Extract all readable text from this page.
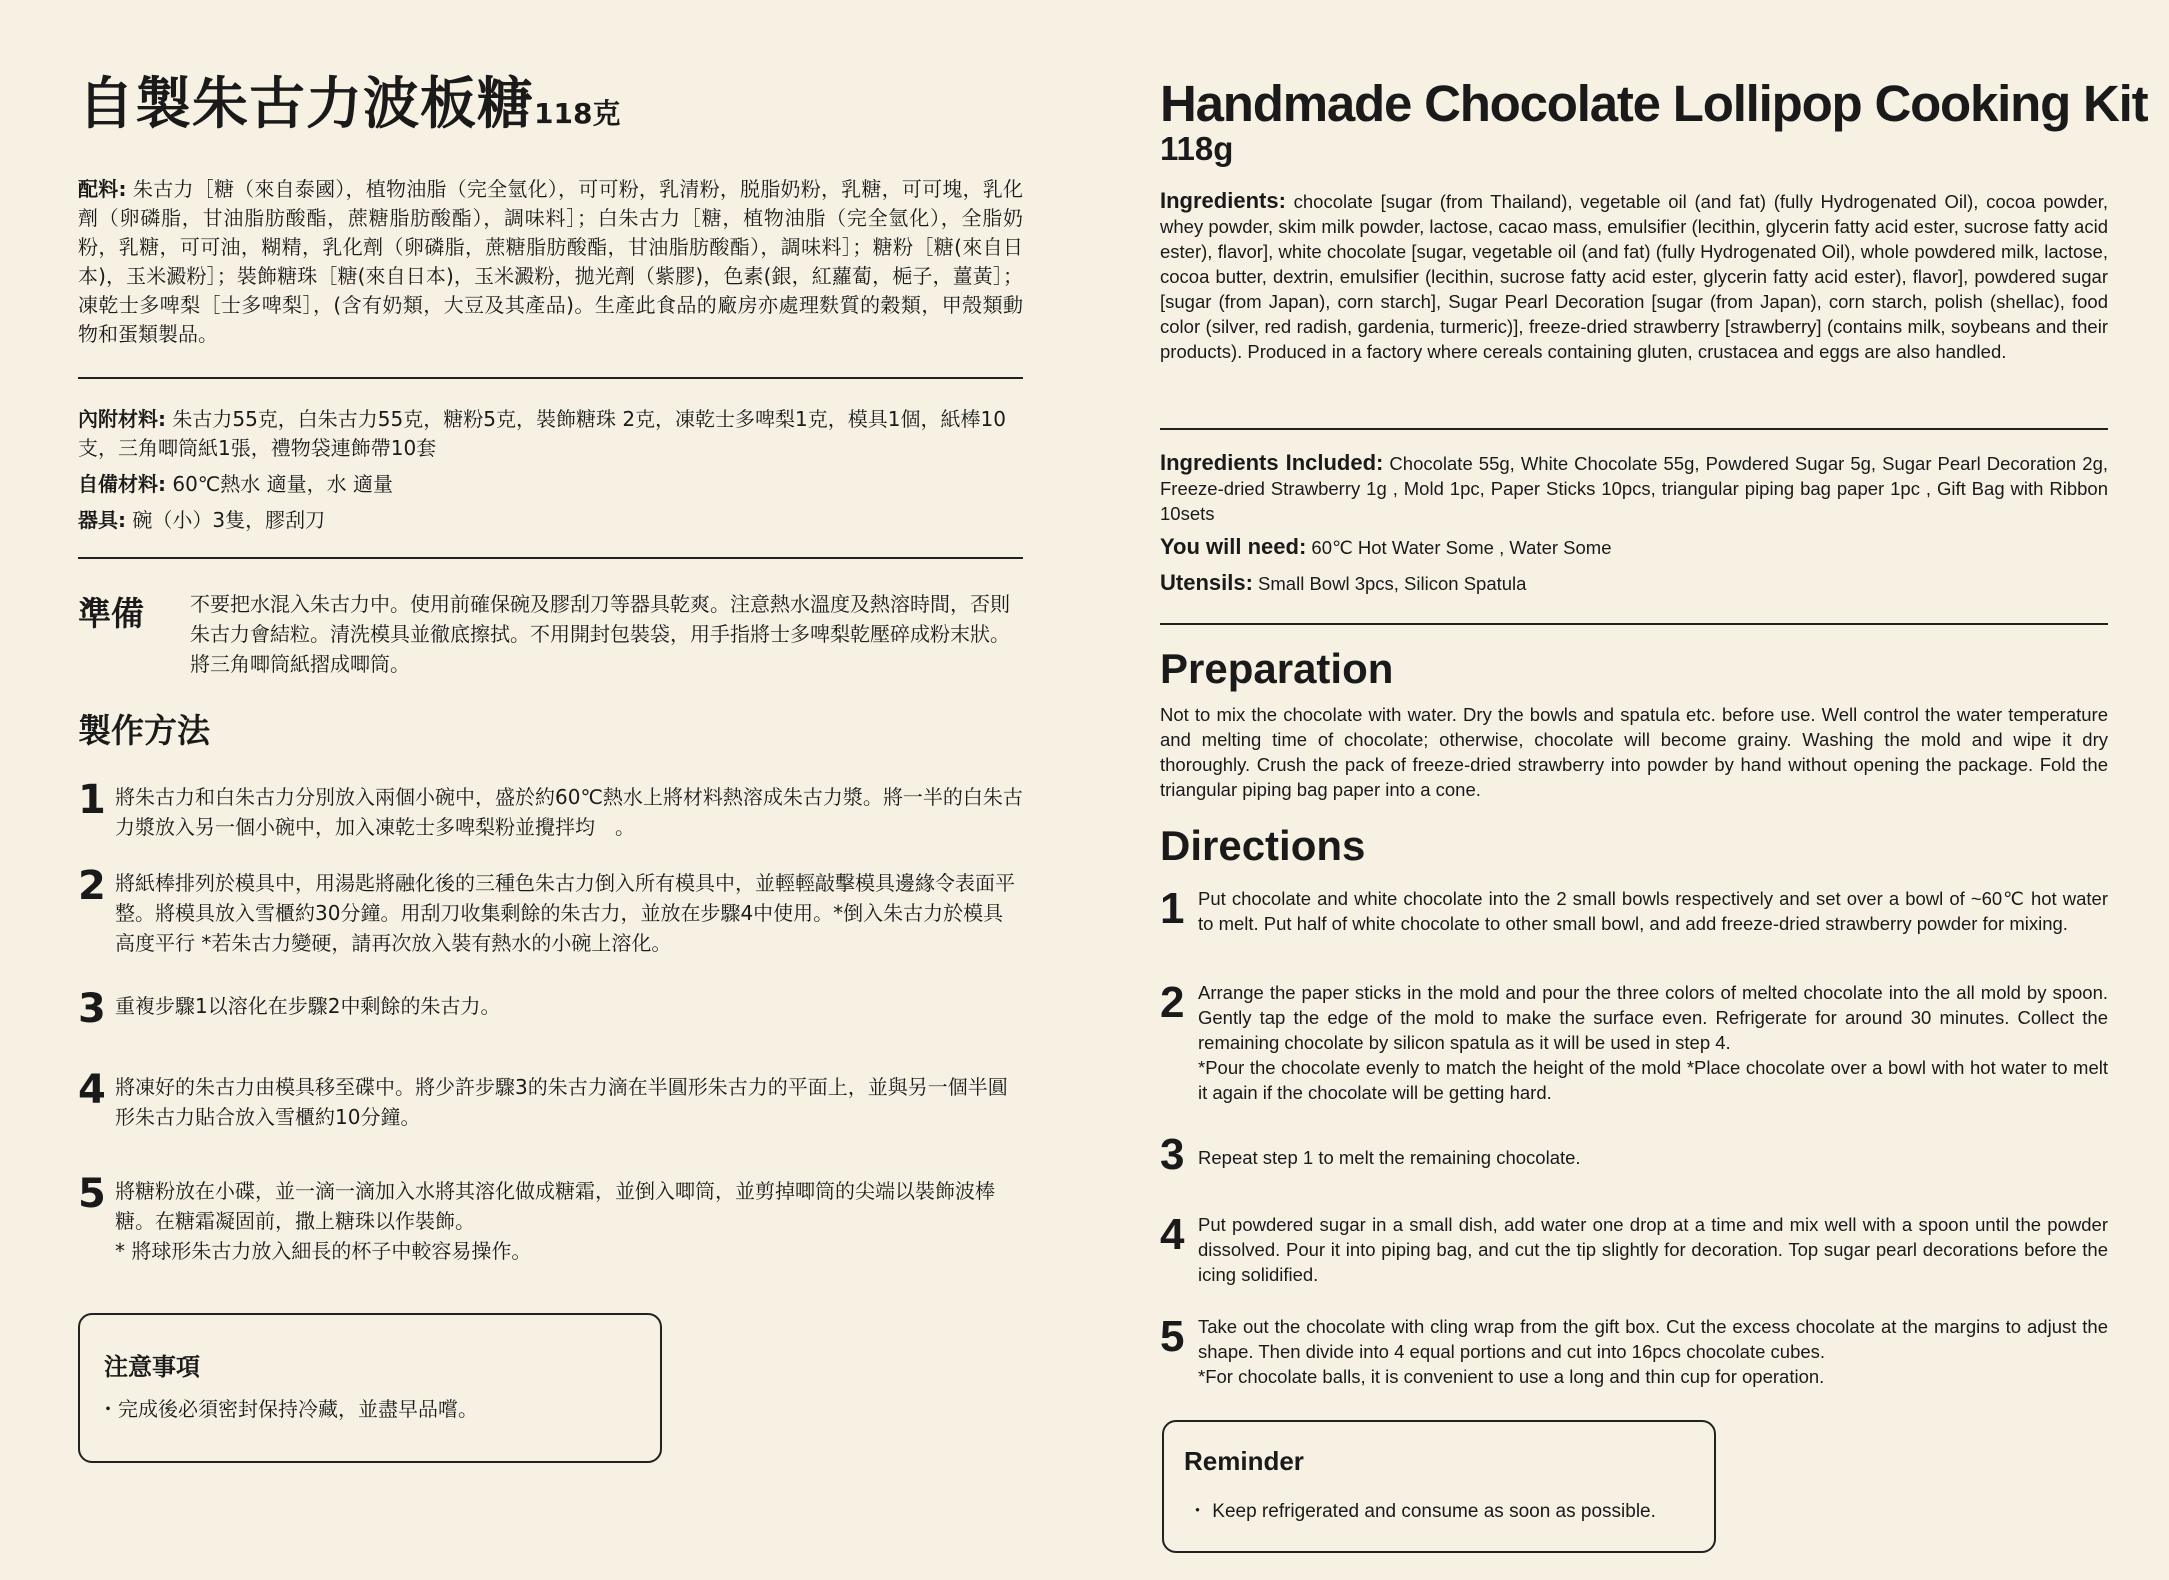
自製朱古力波板糖118克

配料: 朱古力［糖（來自泰國），植物油脂（完全氫化），可可粉，乳清粉，脱脂奶粉，乳糖，可可塊，乳化劑（卵磷脂，甘油脂肪酸酯，蔗糖脂肪酸酯），調味料］；白朱古力［糖，植物油脂（完全氫化），全脂奶粉，乳糖，可可油，糊精，乳化劑（卵磷脂，蔗糖脂肪酸酯，甘油脂肪酸酯），調味料］；糖粉［糖(來自日本)，玉米澱粉］；裝飾糖珠［糖(來自日本)，玉米澱粉，拋光劑（紫膠)，色素(銀，紅蘿蔔，梔子，薑黃］；凍乾士多啤梨［士多啤梨］，(含有奶類，大豆及其產品)。生產此食品的廠房亦處理麩質的穀類，甲殼類動物和蛋類製品。

內附材料: 朱古力55克，白朱古力55克，糖粉5克，裝飾糖珠 2克，凍乾士多啤梨1克，模具1個，紙棒10支，三角唧筒紙1張，禮物袋連飾帶10套

自備材料: 60℃熱水 適量，水 適量

器具: 碗（小）3隻，膠刮刀

準備 不要把水混入朱古力中。使用前確保碗及膠刮刀等器具乾爽。注意熱水溫度及熱溶時間，否則朱古力會結粒。清洗模具並徹底擦拭。不用開封包裝袋，用手指將士多啤梨乾壓碎成粉末狀。將三角唧筒紙摺成唧筒。

製作方法
1 將朱古力和白朱古力分別放入兩個小碗中，盛於約60℃熱水上將材料熱溶成朱古力漿。將一半的白朱古力漿放入另一個小碗中，加入凍乾士多啤梨粉並攪拌均　。

2 將紙棒排列於模具中，用湯匙將融化後的三種色朱古力倒入所有模具中，並輕輕敲擊模具邊緣令表面平整。將模具放入雪櫃約30分鐘。用刮刀收集剩餘的朱古力，並放在步驟4中使用。*倒入朱古力於模具高度平行 *若朱古力變硬，請再次放入裝有熱水的小碗上溶化。

3 重複步驟1以溶化在步驟2中剩餘的朱古力。

4 將凍好的朱古力由模具移至碟中。將少許步驟3的朱古力滴在半圓形朱古力的平面上，並與另一個半圓形朱古力貼合放入雪櫃約10分鐘。

5 將糖粉放在小碟，並一滴一滴加入水將其溶化做成糖霜，並倒入唧筒，並剪掉唧筒的尖端以裝飾波棒糖。在糖霜凝固前，撒上糖珠以作裝飾。
* 將球形朱古力放入細長的杯子中較容易操作。

注意事項
・完成後必須密封保持冷藏，並盡早品嚐。
Handmade Chocolate Lollipop Cooking Kit
118g

Ingredients: chocolate [sugar (from Thailand), vegetable oil (and fat) (fully Hydrogenated Oil), cocoa powder, whey powder, skim milk powder, lactose, cacao mass, emulsifier (lecithin, glycerin fatty acid ester, sucrose fatty acid ester), flavor], white chocolate [sugar, vegetable oil (and fat) (fully Hydrogenated Oil), whole powdered milk, lactose, cocoa butter, dextrin, emulsifier (lecithin, sucrose fatty acid ester, glycerin fatty acid ester), flavor], powdered sugar [sugar (from Japan), corn starch], Sugar Pearl Decoration [sugar (from Japan), corn starch, polish (shellac), food color (silver, red radish, gardenia, turmeric)], freeze-dried strawberry [strawberry] (contains milk, soybeans and their products). Produced in a factory where cereals containing gluten, crustacea and eggs are also handled.

Ingredients Included: Chocolate 55g, White Chocolate 55g, Powdered Sugar 5g, Sugar Pearl Decoration 2g, Freeze-dried Strawberry 1g , Mold 1pc, Paper Sticks 10pcs, triangular piping bag paper 1pc , Gift Bag with Ribbon 10sets

You will need: 60℃ Hot Water Some , Water Some

Utensils: Small Bowl 3pcs, Silicon Spatula

Preparation

Not to mix the chocolate with water. Dry the bowls and spatula etc. before use. Well control the water temperature and melting time of chocolate; otherwise, chocolate will become grainy. Washing the mold and wipe it dry thoroughly. Crush the pack of freeze-dried strawberry into powder by hand without opening the package. Fold the triangular piping bag paper into a cone.

Directions
1 Put chocolate and white chocolate into the 2 small bowls respectively and set over a bowl of ~60℃ hot water to melt. Put half of white chocolate to other small bowl, and add freeze-dried strawberry powder for mixing.

2 Arrange the paper sticks in the mold and pour the three colors of melted chocolate into the all mold by spoon. Gently tap the edge of the mold to make the surface even. Refrigerate for around 30 minutes. Collect the remaining chocolate by silicon spatula as it will be used in step 4.
*Pour the chocolate evenly to match the height of the mold *Place chocolate over a bowl with hot water to melt it again if the chocolate will be getting hard.

3 Repeat step 1 to melt the remaining chocolate.

4 Put powdered sugar in a small dish, add water one drop at a time and mix well with a spoon until the powder dissolved. Pour it into piping bag, and cut the tip slightly for decoration. Top sugar pearl decorations before the icing solidified.

5 Take out the chocolate with cling wrap from the gift box. Cut the excess chocolate at the margins to adjust the shape. Then divide into 4 equal portions and cut into 16pcs chocolate cubes.
*For chocolate balls, it is convenient to use a long and thin cup for operation.

Reminder
・ Keep refrigerated and consume as soon as possible.
